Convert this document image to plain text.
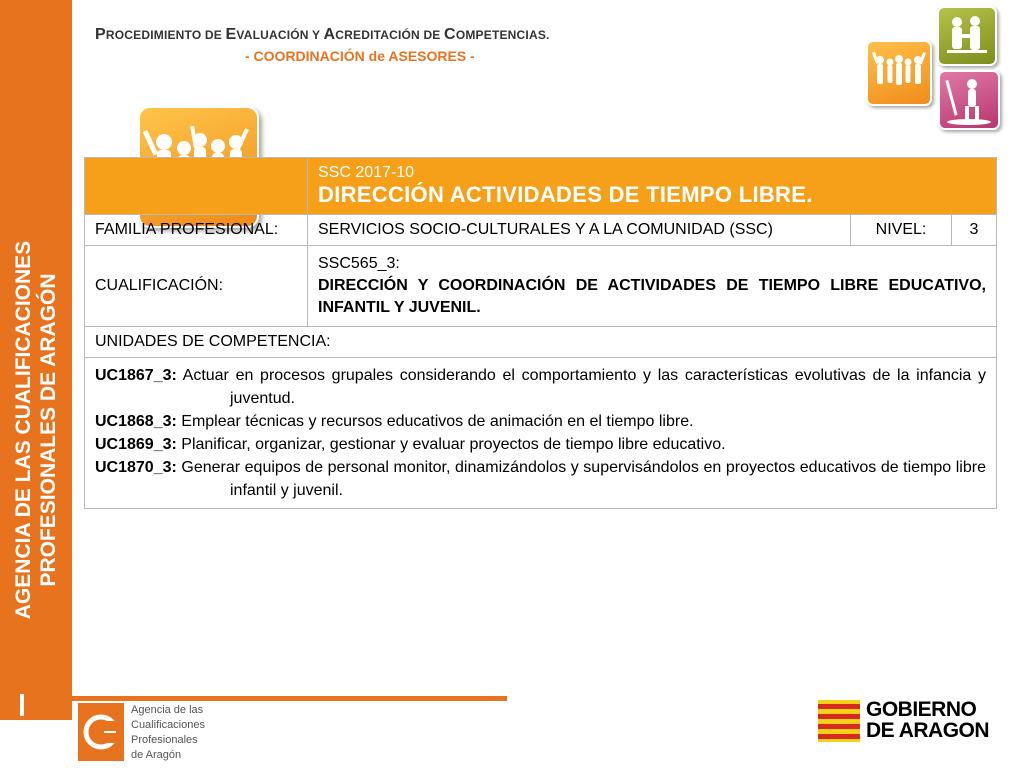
AGENCIA DE LAS CUALIFICACIONES PROFESIONALES DE ARAGÓN
PROCEDIMIENTO DE EVALUACIÓN Y ACREDITACIÓN DE COMPETENCIAS.
- COORDINACIÓN de ASESORES -

	SSC 2017-10
DIRECCIÓN ACTIVIDADES DE TIEMPO LIBRE.		

FAMILIA PROFESIONAL:	SERVICIOS SOCIO-CULTURALES Y A LA COMUNIDAD (SSC)	NIVEL:	3
CUALIFICACIÓN:	SSC565_3:
DIRECCIÓN Y COORDINACIÓN DE ACTIVIDADES DE TIEMPO LIBRE EDUCATIVO, INFANTIL Y JUVENIL.		

UNIDADES DE COMPETENCIA:			

UC1867_3: Actuar en procesos grupales considerando el comportamiento y las características evolutivas de la infancia y juventud.
UC1868_3: Emplear técnicas y recursos educativos de animación en el tiempo libre.
UC1869_3: Planificar, organizar, gestionar y evaluar proyectos de tiempo libre educativo.
UC1870_3: Generar equipos de personal monitor, dinamizándolos y supervisándolos en proyectos educativos de tiempo libre infantil y juvenil.			
Agencia de las
Cualificaciones
Profesionales
de Aragón
GOBIERNO
DE ARAGON
